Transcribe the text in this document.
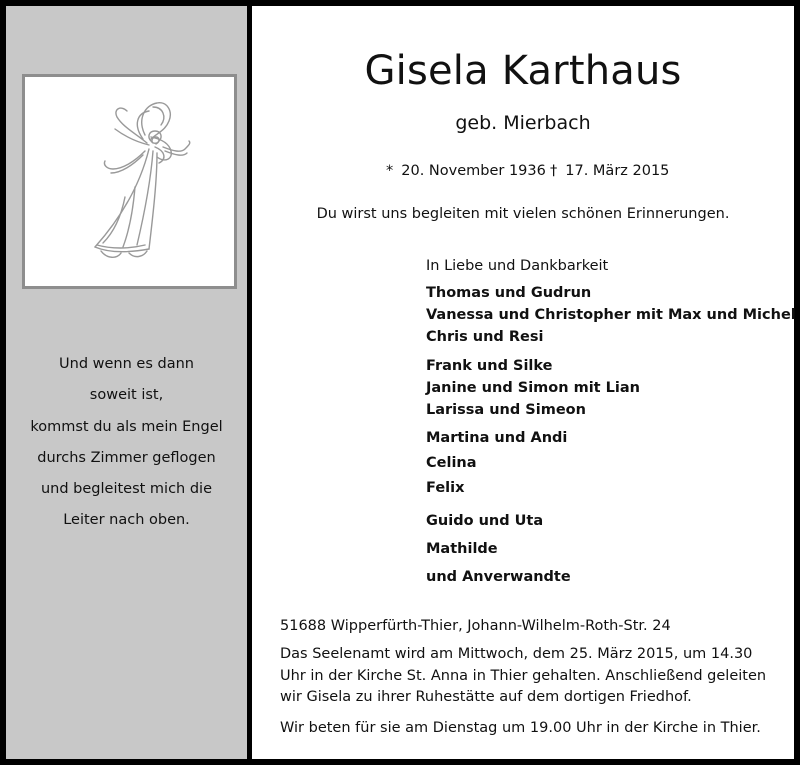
Und wenn es dann
soweit ist,
kommst du als mein Engel
durchs Zimmer geflogen
und begleitest mich die
Leiter nach oben.
Gisela Karthaus
geb. Mierbach
* 20. November 1936 † 17. März 2015
Du wirst uns begleiten mit vielen schönen Erinnerungen.
In Liebe und Dankbarkeit
Thomas und Gudrun
Vanessa und Christopher mit Max und Michel
Chris und Resi
Frank und Silke
Janine und Simon mit Lian
Larissa und Simeon
Martina und Andi
Celina
Felix
Guido und Uta
Mathilde
und Anverwandte
51688 Wipperfürth-Thier, Johann-Wilhelm-Roth-Str. 24
Das Seelenamt wird am Mittwoch, dem 25. März 2015, um 14.30 Uhr in der Kirche St. Anna in Thier gehalten. Anschließend geleiten wir Gisela zu ihrer Ruhestätte auf dem dortigen Friedhof.
Wir beten für sie am Dienstag um 19.00 Uhr in der Kirche in Thier.
